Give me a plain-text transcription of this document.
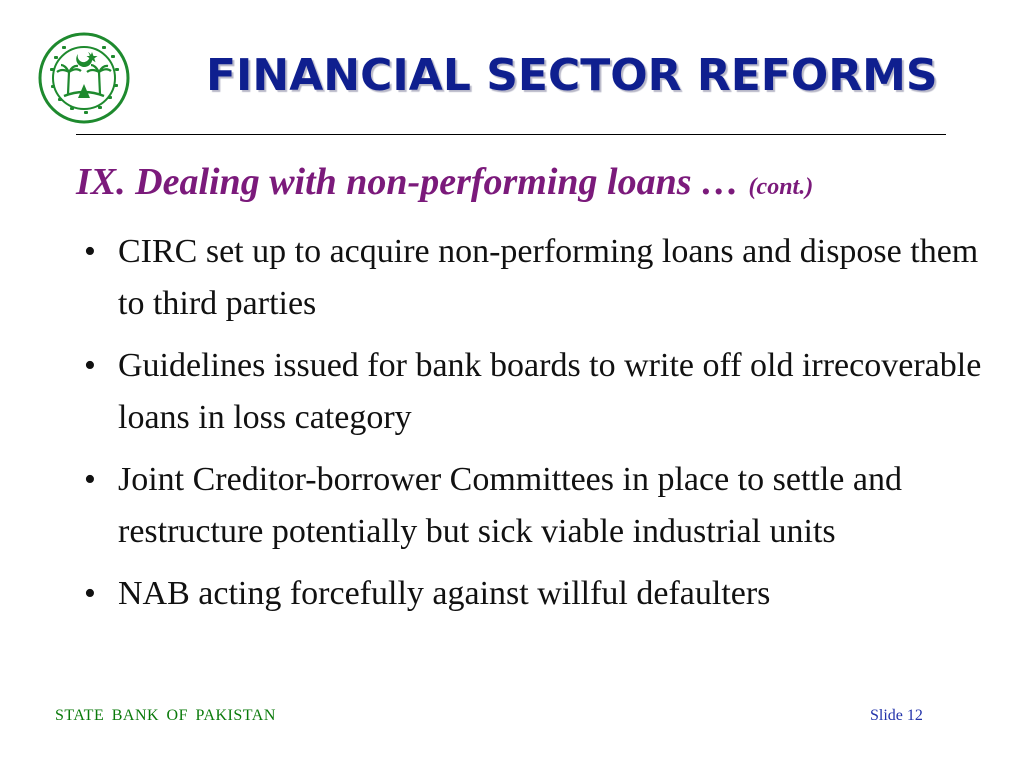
FINANCIAL SECTOR REFORMS
IX. Dealing with non-performing loans … (cont.)
• CIRC set up to acquire non-performing loans and dispose them to third parties
• Guidelines issued for bank boards to write off old irrecoverable loans in loss category
• Joint Creditor-borrower Committees in place to settle and restructure potentially but sick viable industrial units
• NAB acting forcefully against willful defaulters
STATE BANK OF PAKISTAN	Slide 12
